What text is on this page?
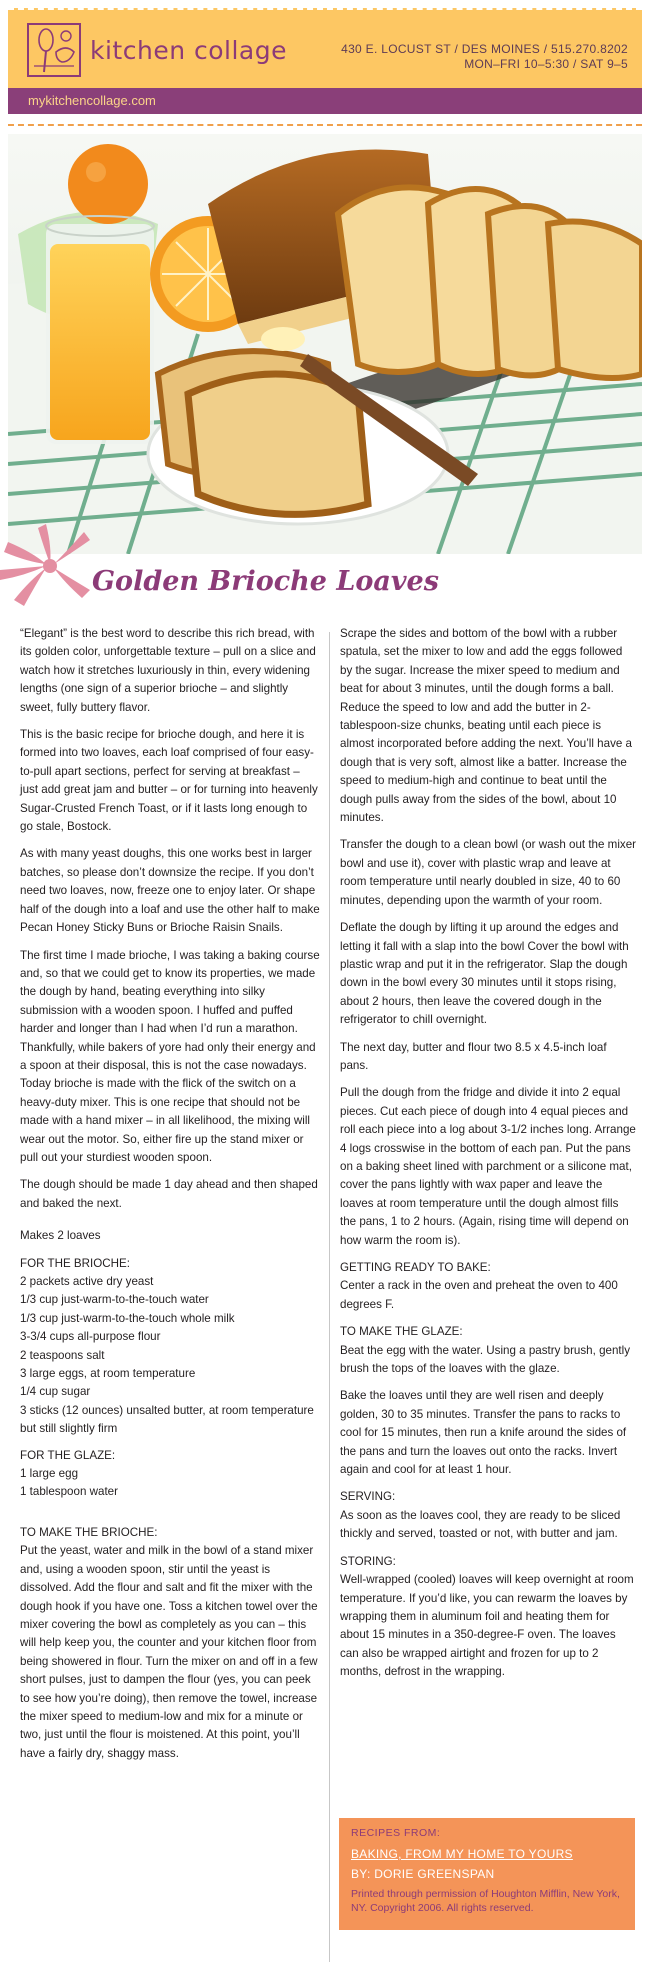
kitchen collage	430 E. LOCUST ST / DES MOINES / 515.270.8202
MON–FRI 10–5:30 / SAT 9–5
mykitchencollage.com
Golden Brioche Loaves

“Elegant” is the best word to describe this rich bread, with its golden color, unforgettable texture – pull on a slice and watch how it stretches luxuriously in thin, every widening lengths (one sign of a superior brioche – and slightly sweet, fully buttery flavor.

This is the basic recipe for brioche dough, and here it is formed into two loaves, each loaf comprised of four easy-to-pull apart sections, perfect for serving at breakfast – just add great jam and butter – or for turning into heavenly Sugar-Crusted French Toast, or if it lasts long enough to go stale, Bostock.

As with many yeast doughs, this one works best in larger batches, so please don’t downsize the recipe. If you don’t need two loaves, now, freeze one to enjoy later. Or shape half of the dough into a loaf and use the other half to make Pecan Honey Sticky Buns or Brioche Raisin Snails.

The first time I made brioche, I was taking a baking course and, so that we could get to know its properties, we made the dough by hand, beating everything into silky submission with a wooden spoon. I huffed and puffed harder and longer than I had when I’d run a marathon. Thankfully, while bakers of yore had only their energy and a spoon at their disposal, this is not the case nowadays. Today brioche is made with the flick of the switch on a heavy-duty mixer. This is one recipe that should not be made with a hand mixer – in all likelihood, the mixing will wear out the motor. So, either fire up the stand mixer or pull out your sturdiest wooden spoon.

The dough should be made 1 day ahead and then shaped and baked the next.

Makes 2 loaves

FOR THE BRIOCHE:
2 packets active dry yeast
1/3 cup just-warm-to-the-touch water
1/3 cup just-warm-to-the-touch whole milk
3-3/4 cups all-purpose flour
2 teaspoons salt
3 large eggs, at room temperature
1/4 cup sugar
3 sticks (12 ounces) unsalted butter, at room temperature but still slightly firm
FOR THE GLAZE:
1 large egg
1 tablespoon water
TO MAKE THE BRIOCHE:

Put the yeast, water and milk in the bowl of a stand mixer and, using a wooden spoon, stir until the yeast is dissolved. Add the flour and salt and fit the mixer with the dough hook if you have one. Toss a kitchen towel over the mixer covering the bowl as completely as you can – this will help keep you, the counter and your kitchen floor from being showered in flour. Turn the mixer on and off in a few short pulses, just to dampen the flour (yes, you can peek to see how you’re doing), then remove the towel, increase the mixer speed to medium-low and mix for a minute or two, just until the flour is moistened. At this point, you’ll have a fairly dry, shaggy mass.

Scrape the sides and bottom of the bowl with a rubber spatula, set the mixer to low and add the eggs followed by the sugar. Increase the mixer speed to medium and beat for about 3 minutes, until the dough forms a ball. Reduce the speed to low and add the butter in 2-tablespoon-size chunks, beating until each piece is almost incorporated before adding the next. You’ll have a dough that is very soft, almost like a batter. Increase the speed to medium-high and continue to beat until the dough pulls away from the sides of the bowl, about 10 minutes.

Transfer the dough to a clean bowl (or wash out the mixer bowl and use it), cover with plastic wrap and leave at room temperature until nearly doubled in size, 40 to 60 minutes, depending upon the warmth of your room.

Deflate the dough by lifting it up around the edges and letting it fall with a slap into the bowl Cover the bowl with plastic wrap and put it in the refrigerator. Slap the dough down in the bowl every 30 minutes until it stops rising, about 2 hours, then leave the covered dough in the refrigerator to chill overnight.

The next day, butter and flour two 8.5 x 4.5-inch loaf pans.

Pull the dough from the fridge and divide it into 2 equal pieces. Cut each piece of dough into 4 equal pieces and roll each piece into a log about 3-1/2 inches long. Arrange 4 logs crosswise in the bottom of each pan. Put the pans on a baking sheet lined with parchment or a silicone mat, cover the pans lightly with wax paper and leave the loaves at room temperature until the dough almost fills the pans, 1 to 2 hours. (Again, rising time will depend on how warm the room is).

GETTING READY TO BAKE:

Center a rack in the oven and preheat the oven to 400 degrees F.

TO MAKE THE GLAZE:

Beat the egg with the water. Using a pastry brush, gently brush the tops of the loaves with the glaze.

Bake the loaves until they are well risen and deeply golden, 30 to 35 minutes. Transfer the pans to racks to cool for 15 minutes, then run a knife around the sides of the pans and turn the loaves out onto the racks. Invert again and cool for at least 1 hour.

SERVING:

As soon as the loaves cool, they are ready to be sliced thickly and served, toasted or not, with butter and jam.

STORING:

Well-wrapped (cooled) loaves will keep overnight at room temperature. If you’d like, you can rewarm the loaves by wrapping them in aluminum foil and heating them for about 15 minutes in a 350-degree-F oven. The loaves can also be wrapped airtight and frozen for up to 2 months, defrost in the wrapping.

RECIPES FROM:
BAKING, FROM MY HOME TO YOURS
BY: DORIE GREENSPAN
Printed through permission of Houghton Mifflin, New York, NY. Copyright 2006. All rights reserved.
